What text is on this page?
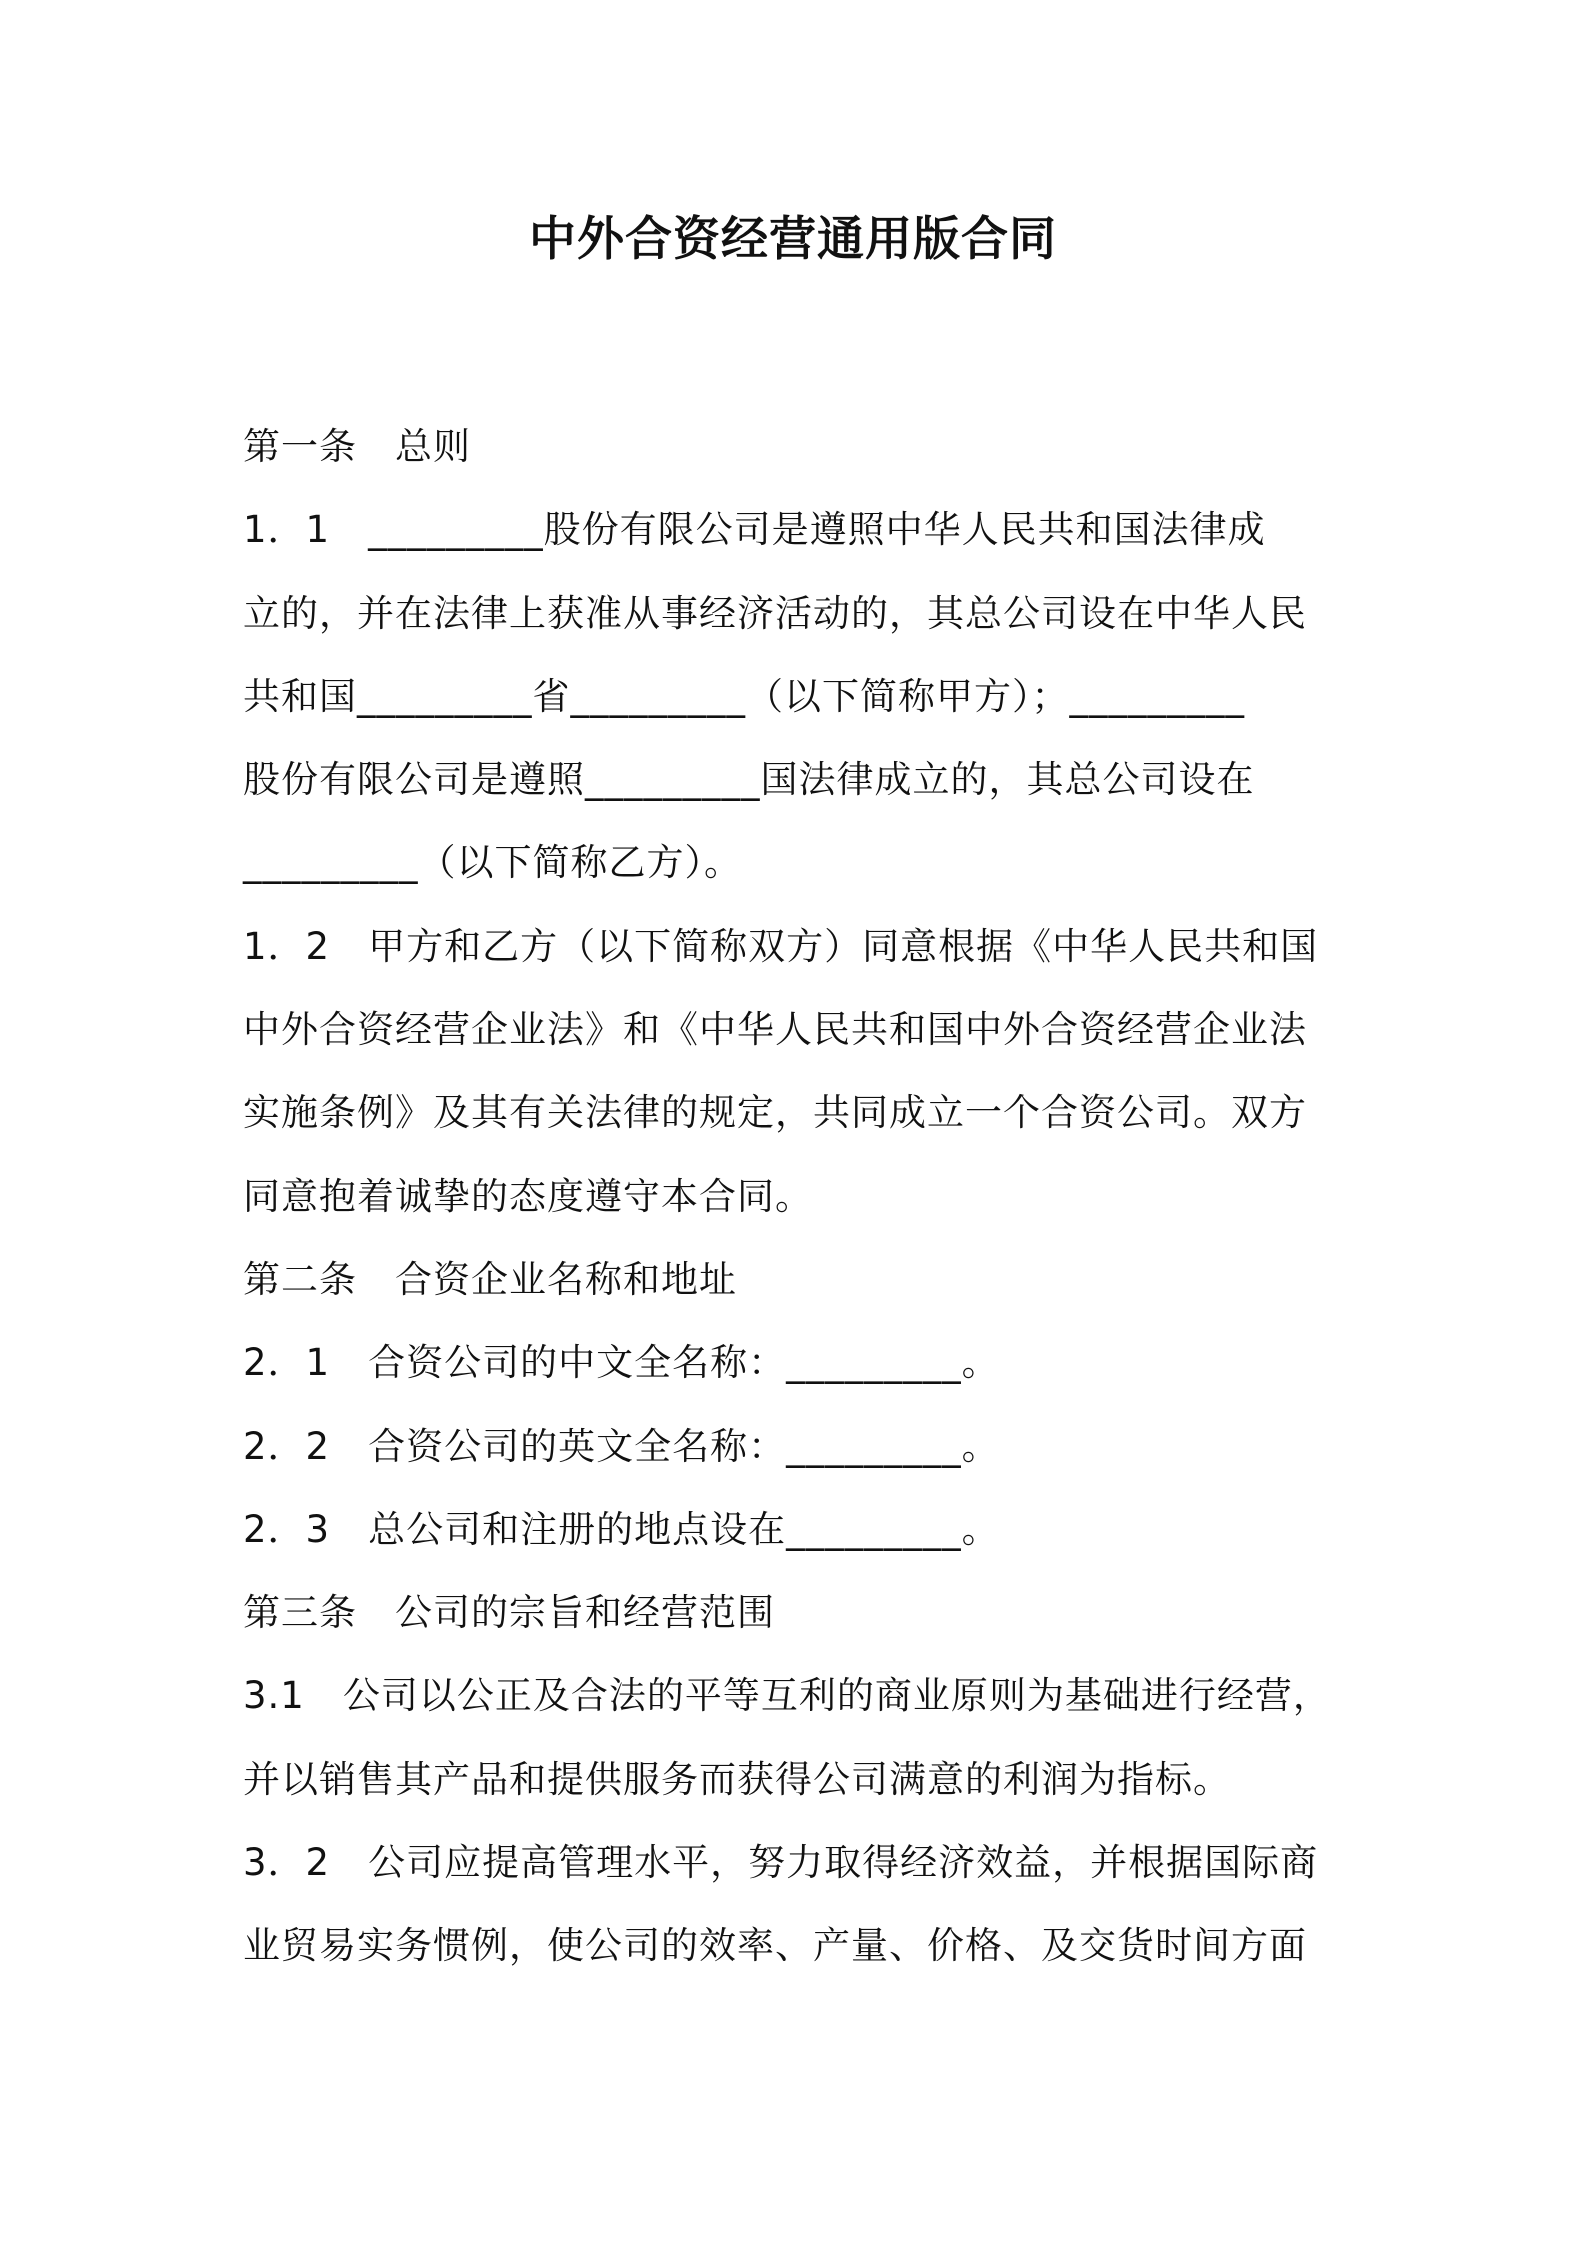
中外合资经营通用版合同

第一条　总则

1．1　_________股份有限公司是遵照中华人民共和国法律成

立的，并在法律上获准从事经济活动的，其总公司设在中华人民

共和国_________省_________（以下简称甲方）；_________

股份有限公司是遵照_________国法律成立的，其总公司设在

_________（以下简称乙方）。

1．2　甲方和乙方（以下简称双方）同意根据《中华人民共和国

中外合资经营企业法》和《中华人民共和国中外合资经营企业法

实施条例》及其有关法律的规定，共同成立一个合资公司。双方

同意抱着诚挚的态度遵守本合同。

第二条　合资企业名称和地址

2．1　合资公司的中文全名称：_________。

2．2　合资公司的英文全名称：_________。

2．3　总公司和注册的地点设在_________。

第三条　公司的宗旨和经营范围

3.1　公司以公正及合法的平等互利的商业原则为基础进行经营，

并以销售其产品和提供服务而获得公司满意的利润为指标。

3．2　公司应提高管理水平，努力取得经济效益，并根据国际商

业贸易实务惯例，使公司的效率、产量、价格、及交货时间方面
